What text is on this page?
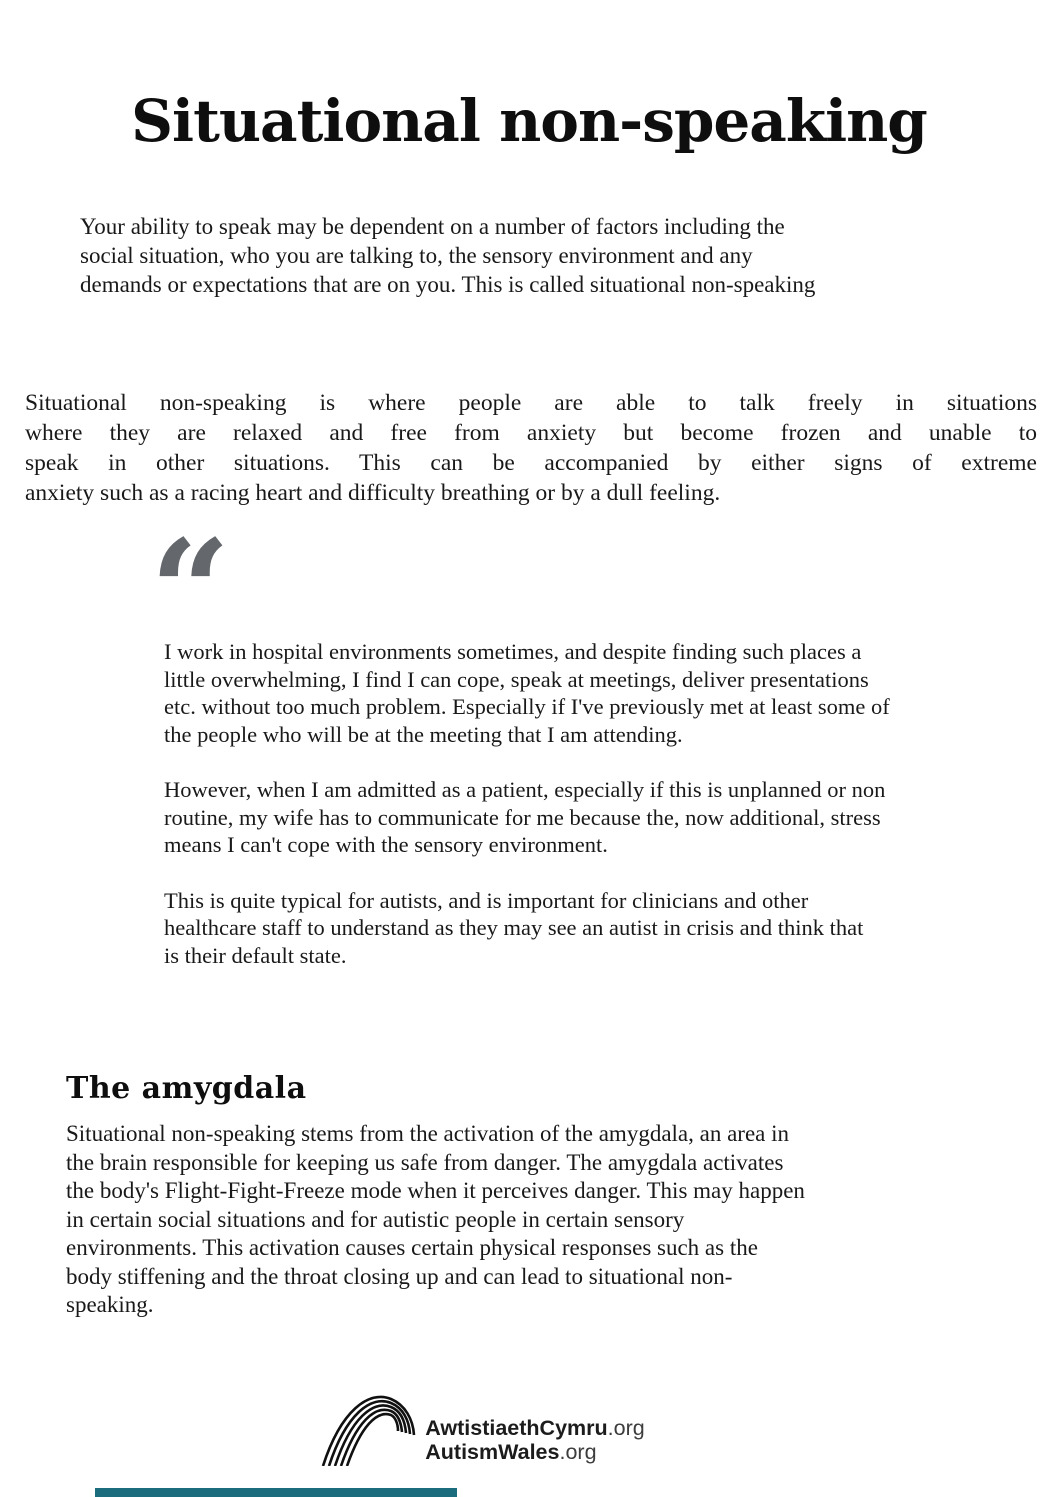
Situational non-speaking
Your ability to speak may be dependent on a number of factors including the
social situation, who you are talking to, the sensory environment and any
demands or expectations that are on you. This is called situational non-speaking
Situational non-speaking is where people are able to talk freely in situations
where they are relaxed and free from anxiety but become frozen and unable to
speak in other situations. This can be accompanied by either signs of extreme
anxiety such as a racing heart and difficulty breathing or by a dull feeling.
“
I work in hospital environments sometimes, and despite finding such places a
little overwhelming, I find I can cope, speak at meetings, deliver presentations
etc. without too much problem. Especially if I've previously met at least some of
the people who will be at the meeting that I am attending.
However, when I am admitted as a patient, especially if this is unplanned or non
routine, my wife has to communicate for me because the, now additional, stress
means I can't cope with the sensory environment.
This is quite typical for autists, and is important for clinicians and other
healthcare staff to understand as they may see an autist in crisis and think that
is their default state.
The amygdala
Situational non-speaking stems from the activation of the amygdala, an area in
the brain responsible for keeping us safe from danger. The amygdala activates
the body's Flight-Fight-Freeze mode when it perceives danger. This may happen
in certain social situations and for autistic people in certain sensory
environments. This activation causes certain physical responses such as the
body stiffening and the throat closing up and can lead to situational non-
speaking.
AwtistiaethCymru.org
AutismWales.org
